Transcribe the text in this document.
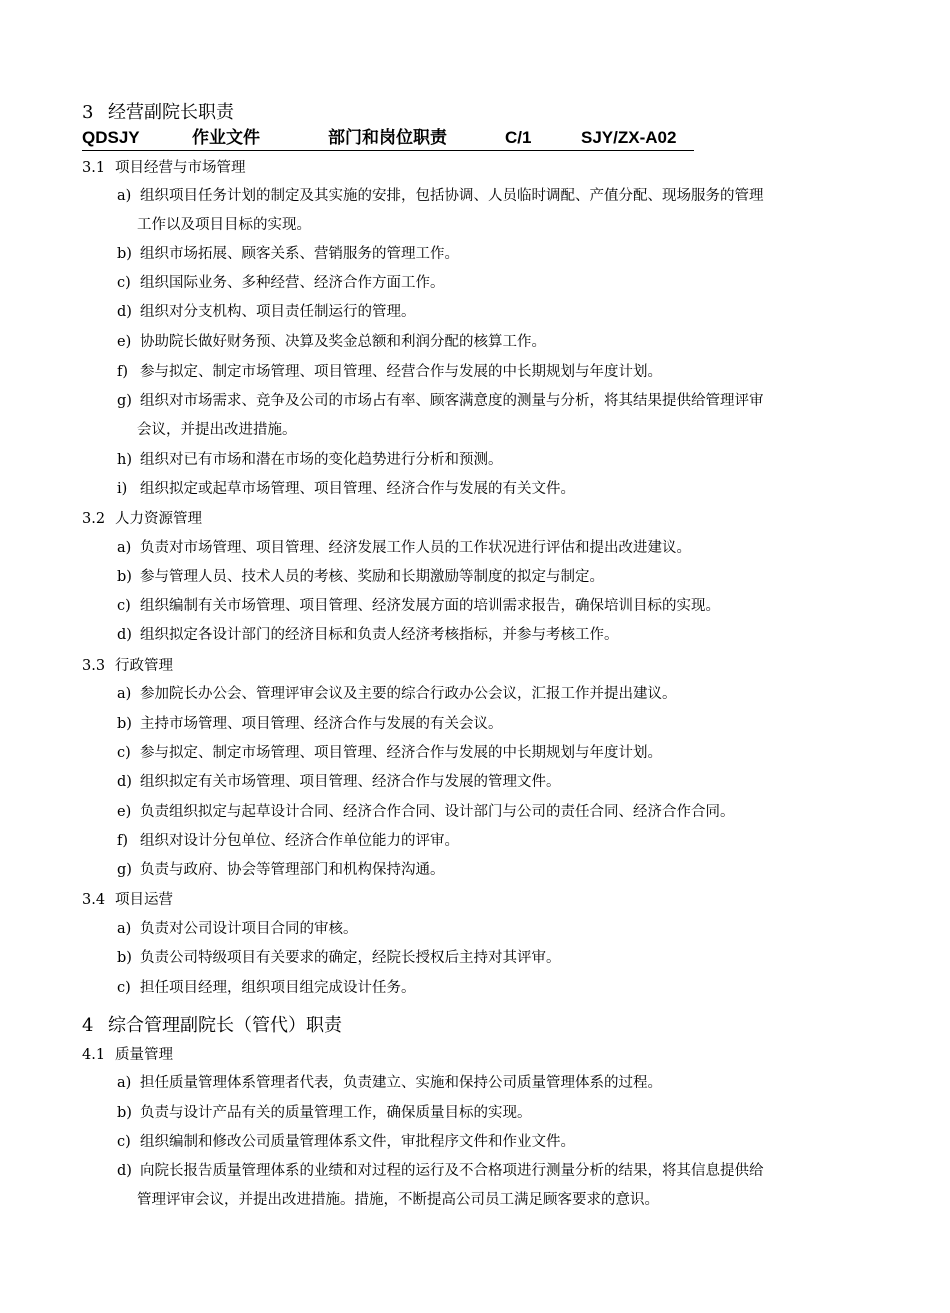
3 经营副院长职责
QDSJY	作业文件	部门和岗位职责	C/1	SJY/ZX-A02
3.1 项目经营与市场管理
a) 组织项目任务计划的制定及其实施的安排，包括协调、人员临时调配、产值分配、现场服务的管理
工作以及项目目标的实现。
b) 组织市场拓展、顾客关系、营销服务的管理工作。
c) 组织国际业务、多种经营、经济合作方面工作。
d) 组织对分支机构、项目责任制运行的管理。
e) 协助院长做好财务预、决算及奖金总额和利润分配的核算工作。
f) 参与拟定、制定市场管理、项目管理、经营合作与发展的中长期规划与年度计划。
g) 组织对市场需求、竞争及公司的市场占有率、顾客满意度的测量与分析，将其结果提供给管理评审
会议，并提出改进措施。
h) 组织对已有市场和潜在市场的变化趋势进行分析和预测。
i) 组织拟定或起草市场管理、项目管理、经济合作与发展的有关文件。
3.2 人力资源管理
a) 负责对市场管理、项目管理、经济发展工作人员的工作状况进行评估和提出改进建议。
b) 参与管理人员、技术人员的考核、奖励和长期激励等制度的拟定与制定。
c) 组织编制有关市场管理、项目管理、经济发展方面的培训需求报告，确保培训目标的实现。
d) 组织拟定各设计部门的经济目标和负责人经济考核指标，并参与考核工作。
3.3 行政管理
a) 参加院长办公会、管理评审会议及主要的综合行政办公会议，汇报工作并提出建议。
b) 主持市场管理、项目管理、经济合作与发展的有关会议。
c) 参与拟定、制定市场管理、项目管理、经济合作与发展的中长期规划与年度计划。
d) 组织拟定有关市场管理、项目管理、经济合作与发展的管理文件。
e) 负责组织拟定与起草设计合同、经济合作合同、设计部门与公司的责任合同、经济合作合同。
f) 组织对设计分包单位、经济合作单位能力的评审。
g) 负责与政府、协会等管理部门和机构保持沟通。
3.4 项目运营
a) 负责对公司设计项目合同的审核。
b) 负责公司特级项目有关要求的确定，经院长授权后主持对其评审。
c) 担任项目经理，组织项目组完成设计任务。
4 综合管理副院长（管代）职责
4.1 质量管理
a) 担任质量管理体系管理者代表，负责建立、实施和保持公司质量管理体系的过程。
b) 负责与设计产品有关的质量管理工作，确保质量目标的实现。
c) 组织编制和修改公司质量管理体系文件，审批程序文件和作业文件。
d) 向院长报告质量管理体系的业绩和对过程的运行及不合格项进行测量分析的结果，将其信息提供给
管理评审会议，并提出改进措施。措施，不断提高公司员工满足顾客要求的意识。
